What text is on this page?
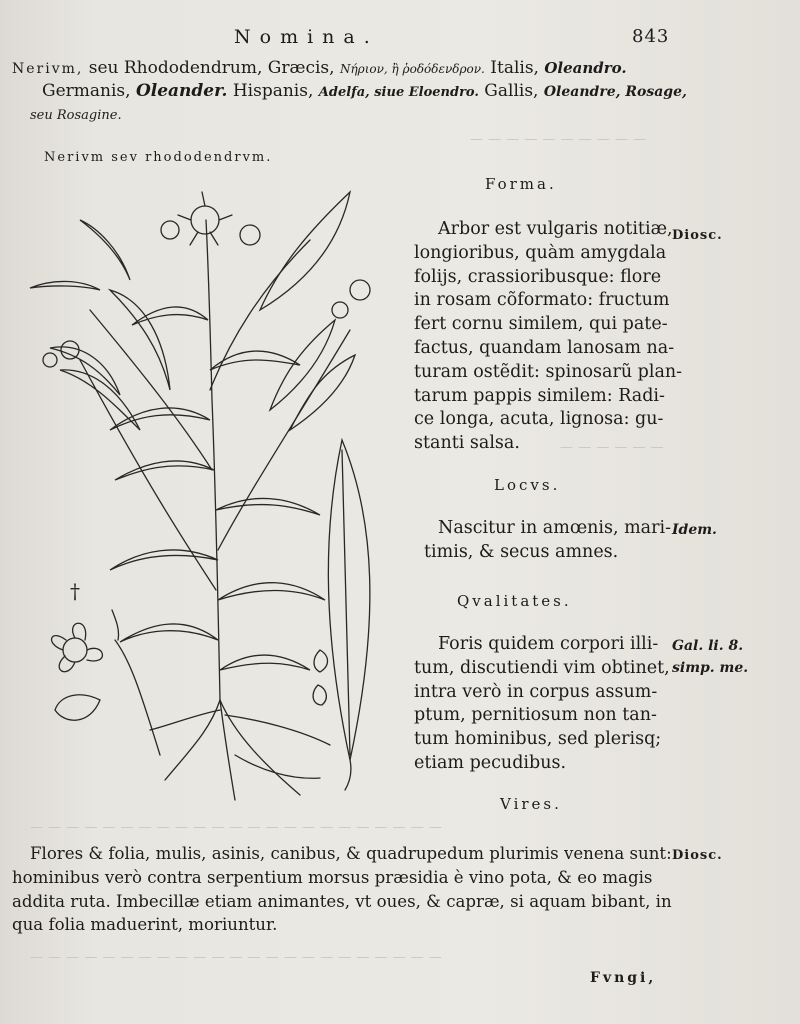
— — — — — — — — — —
— — — — — —
— — — — — — — — — — — — — — — — — — — — — — —
— — — — — — — — — — — — — — — — — — — — — — —
Nomina.	843
Nerivm, seu Rhododendrum, Græcis, Νήριον, ἢ ῥοδόδενδρον. Italis, Oleandro.
Germanis, Oleander. Hispanis, Adelfa, siue Eloendro. Gallis, Oleandre, Rosage,
seu Rosagine.
Nerivm sev rhododendrvm.
†
Forma.
Diosc.
Arbor est vulgaris notitiæ,
longioribus, quàm amygdala
folijs, crassioribusque: flore
in rosam cõformato: fructum
fert cornu similem, qui pate-
factus, quandam lanosam na-
turam ostẽdit: spinosarũ plan-
tarum pappis similem: Radi-
ce longa, acuta, lignosa: gu-
stanti salsa.
Locvs.
Idem.
Nascitur in amœnis, mari-
timis, & secus amnes.
Qvalitates.
Gal. li. 8.
simp. me.
Foris quidem corpori illi-
tum, discutiendi vim obtinet,
intra verò in corpus assum-
ptum, pernitiosum non tan-
tum hominibus, sed plerisq;
etiam pecudibus.
Vires.
Diosc.
Flores & folia, mulis, asinis, canibus, & quadrupedum plurimis venena sunt:
hominibus verò contra serpentium morsus præsidia è vino pota, & eo magis
addita ruta. Imbecillæ etiam animantes, vt oues, & capræ, si aquam bibant, in
qua folia maduerint, moriuntur.
Fvngi,
